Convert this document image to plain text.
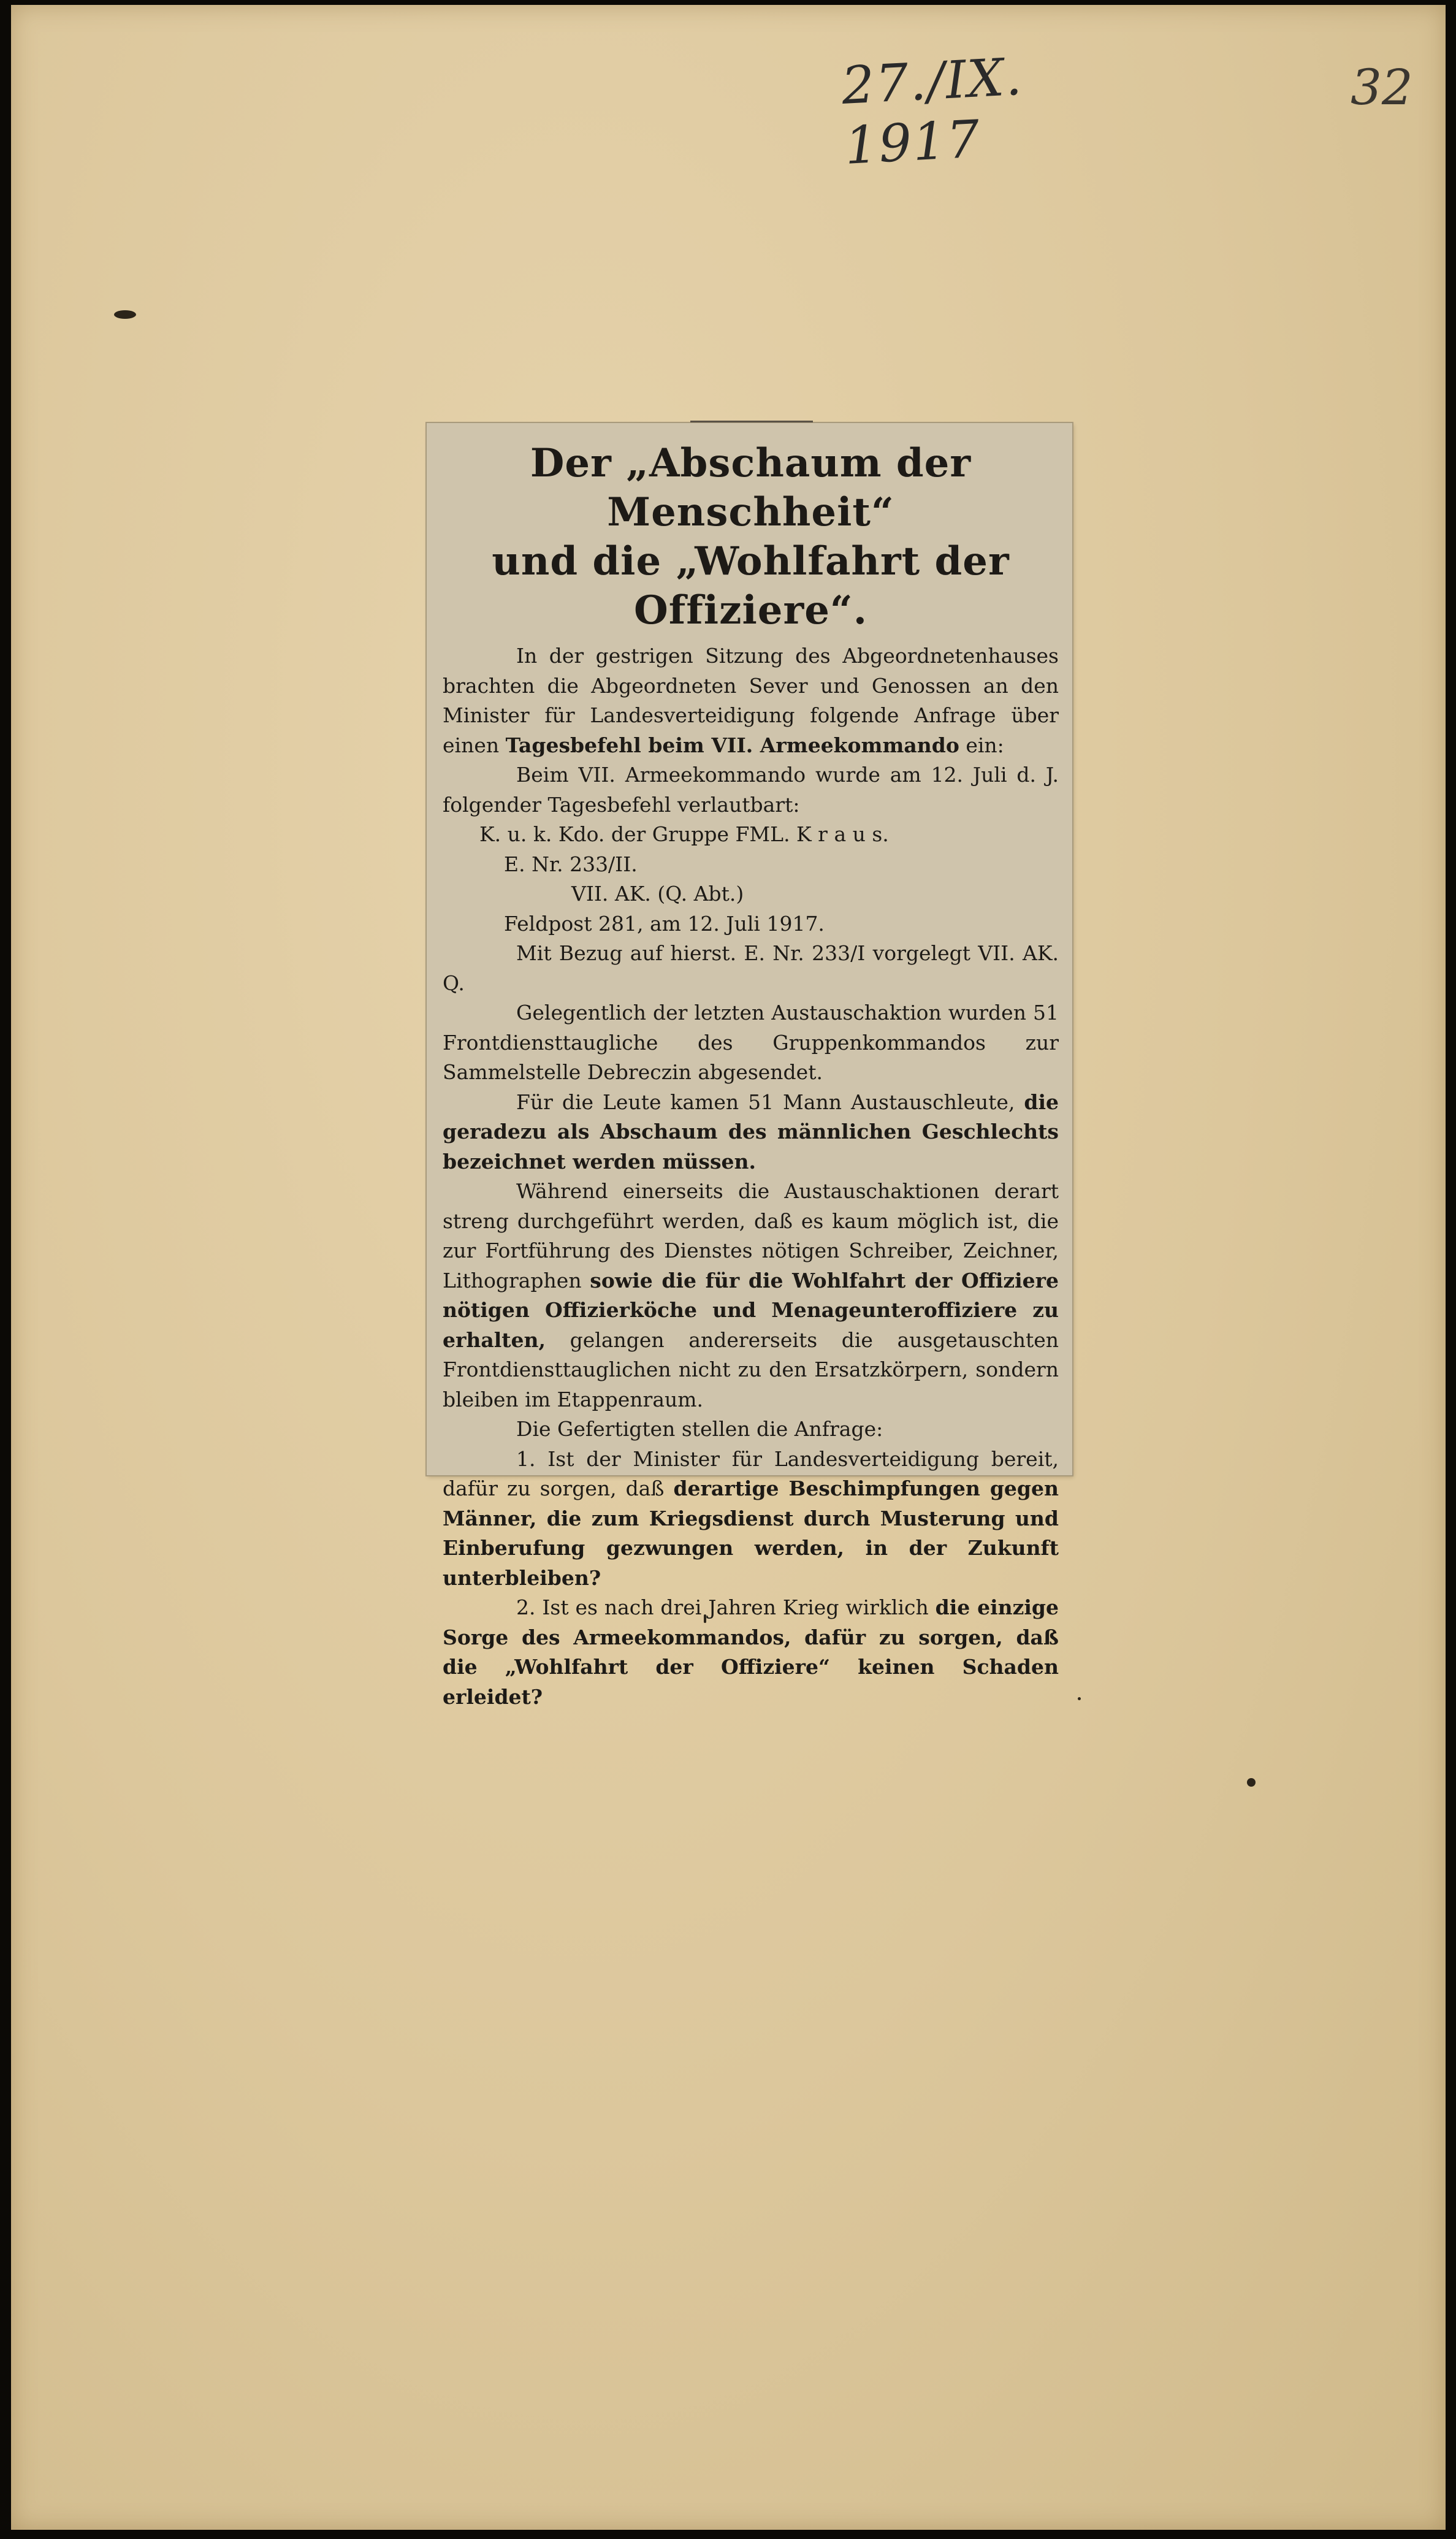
27./IX. 1917
32
Der „Abschaum der Menschheit“
und die „Wohlfahrt der Offiziere“.

In der gestrigen Sitzung des Abgeordnetenhauses brachten die Abgeordneten Sever und Genossen an den Minister für Landesverteidigung folgende Anfrage über einen Tagesbefehl beim VII. Armeekommando ein:

Beim VII. Armeekommando wurde am 12. Juli d. J. folgender Tagesbefehl verlautbart:

K. u. k. Kdo. der Gruppe FML. K r a u s.

E. Nr. 233/II.

VII. AK. (Q. Abt.)

Feldpost 281, am 12. Juli 1917.

Mit Bezug auf hierst. E. Nr. 233/I vorgelegt VII. AK. Q.

Gelegentlich der letzten Austauschaktion wurden 51 Frontdiensttaugliche des Gruppenkommandos zur Sammelstelle Debreczin abgesendet.

Für die Leute kamen 51 Mann Austauschleute, die geradezu als Abschaum des männlichen Geschlechts bezeichnet werden müssen.

Während einerseits die Austauschaktionen derart streng durchgeführt werden, daß es kaum möglich ist, die zur Fortführung des Dienstes nötigen Schreiber, Zeichner, Lithographen sowie die für die Wohlfahrt der Offiziere nötigen Offizierköche und Menageunteroffiziere zu erhalten, gelangen andererseits die ausgetauschten Frontdiensttauglichen nicht zu den Ersatzkörpern, sondern bleiben im Etappenraum.

Die Gefertigten stellen die Anfrage:

1. Ist der Minister für Landesverteidigung bereit, dafür zu sorgen, daß derartige Beschimpfungen gegen Männer, die zum Kriegsdienst durch Musterung und Einberufung gezwungen werden, in der Zukunft unterbleiben?

2. Ist es nach drei Jahren Krieg wirklich die einzige Sorge des Armeekommandos, dafür zu sorgen, daß die „Wohlfahrt der Offiziere“ keinen Schaden erleidet?
